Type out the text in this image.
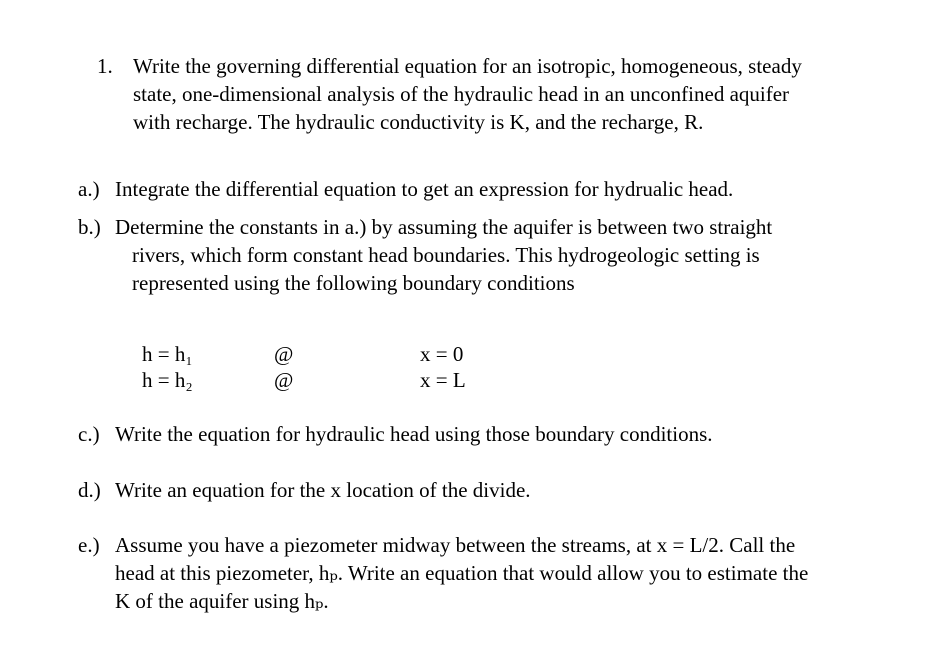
1. Write the governing differential equation for an isotropic, homogeneous, steady
state, one-dimensional analysis of the hydraulic head in an unconfined aquifer
with recharge. The hydraulic conductivity is K, and the recharge, R.
a.) Integrate the differential equation to get an expression for hydrualic head.
b.) Determine the constants in a.) by assuming the aquifer is between two straight
rivers, which form constant head boundaries. This hydrogeologic setting is
represented using the following boundary conditions
h = h₁	@	x = 0
h = h₂	@	x = L
c.) Write the equation for hydraulic head using those boundary conditions.
d.) Write an equation for the x location of the divide.
e.) Assume you have a piezometer midway between the streams, at x = L/2. Call the
head at this piezometer, hₚ. Write an equation that would allow you to estimate the
K of the aquifer using hₚ.
